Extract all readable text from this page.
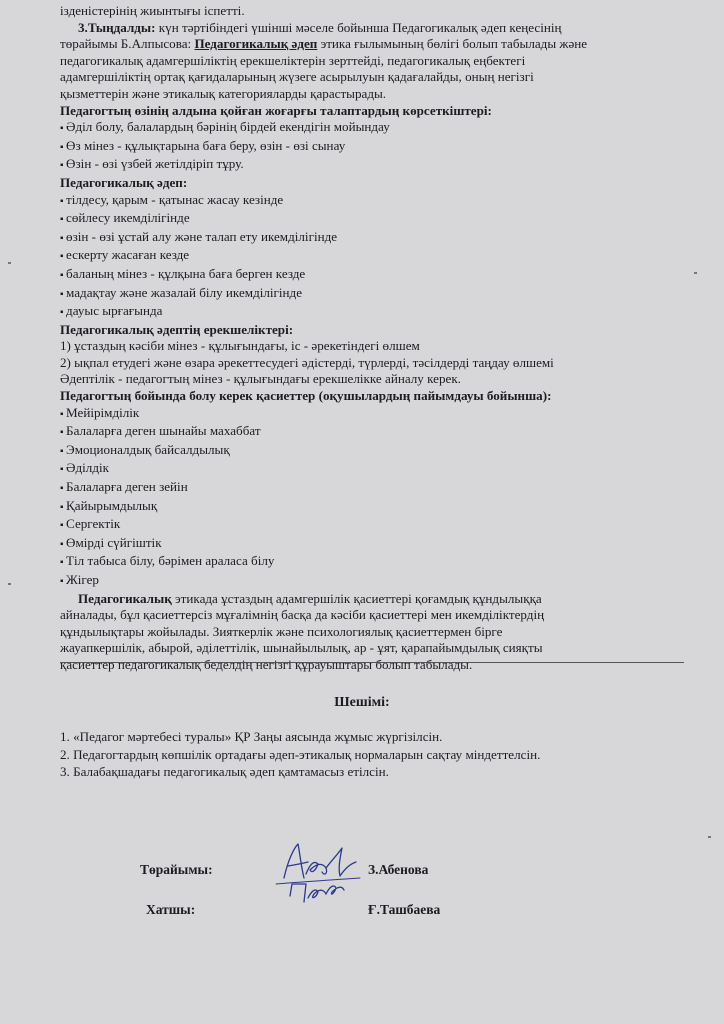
ізденістерінің жиынтығы іспетті.
3.Тыңдалды: күн тәртібіндегі үшінші мәселе бойынша Педагогикалық әдеп кеңесінің
төрайымы Б.Алпысова: Педагогикалық әдеп этика ғылымының бөлігі болып табылады және
педагогикалық адамгершіліктің ерекшеліктерін зерттейді, педагогикалық еңбектегі
адамгершіліктің ортақ қағидаларының жүзеге асырылуын қадағалайды, оның негізгі
қызметтерін және этикалық категорияларды қарастырады.
Педагогтың өзінің алдына қойған жоғарғы талаптардың көрсеткіштері:
▪ Әділ болу, балалардың бәрінің бірдей екендігін мойындау
▪ Өз мінез - құлықтарына баға беру, өзін - өзі сынау
▪ Өзін - өзі үзбей жетілдіріп тұру.
Педагогикалық әдеп:
▪ тілдесу, қарым - қатынас жасау кезінде
▪ сөйлесу икемділігінде
▪ өзін - өзі ұстай алу және талап ету икемділігінде
▪ ескерту жасаған кезде
▪ баланың мінез - құлқына баға берген кезде
▪ мадақтау және жазалай білу икемділігінде
▪ дауыс ырғағында
Педагогикалық әдептің ерекшеліктері:
1) ұстаздың кәсіби мінез - құлығындағы, іс - әрекетіндегі өлшем
2) ықпал етудегі және өзара әрекеттесудегі әдістерді, түрлерді, тәсілдерді таңдау өлшемі
Әдептілік - педагогтың мінез - құлығындағы ерекшелікке айналу керек.
Педагогтың бойында болу керек қасиеттер (оқушылардың пайымдауы бойынша):
▪ Мейірімділік
▪ Балаларға деген шынайы махаббат
▪ Эмоционалдық байсалдылық
▪ Әділдік
▪ Балаларға деген зейін
▪ Қайырымдылық
▪ Сергектік
▪ Өмірді сүйгіштік
▪ Тіл табыса білу, бәрімен араласа білу
▪ Жігер
Педагогикалық этикада ұстаздың адамгершілік қасиеттері қоғамдық құндылыққа
айналады, бұл қасиеттерсіз мұғалімнің басқа да кәсіби қасиеттері мен икемділіктердің
құндылықтары жойылады. Зияткерлік және психологиялық қасиеттермен бірге
жауапкершілік, абырой, әділеттілік, шынайылылық, ар - ұят, қарапайымдылық сияқты
қасиеттер педагогикалық беделдің негізгі құрауыштары болып табылады.
Шешімі:
1. «Педагог мәртебесі туралы» ҚР Заңы аясында жұмыс жүргізілсін.
2. Педагогтардың көпшілік ортадағы әдеп-этикалық нормаларын сақтау міндеттелсін.
3. Балабақшадағы педагогикалық әдеп қамтамасыз етілсін.
Төрайымы:	З.Абенова
Хатшы:	Ғ.Ташбаева
